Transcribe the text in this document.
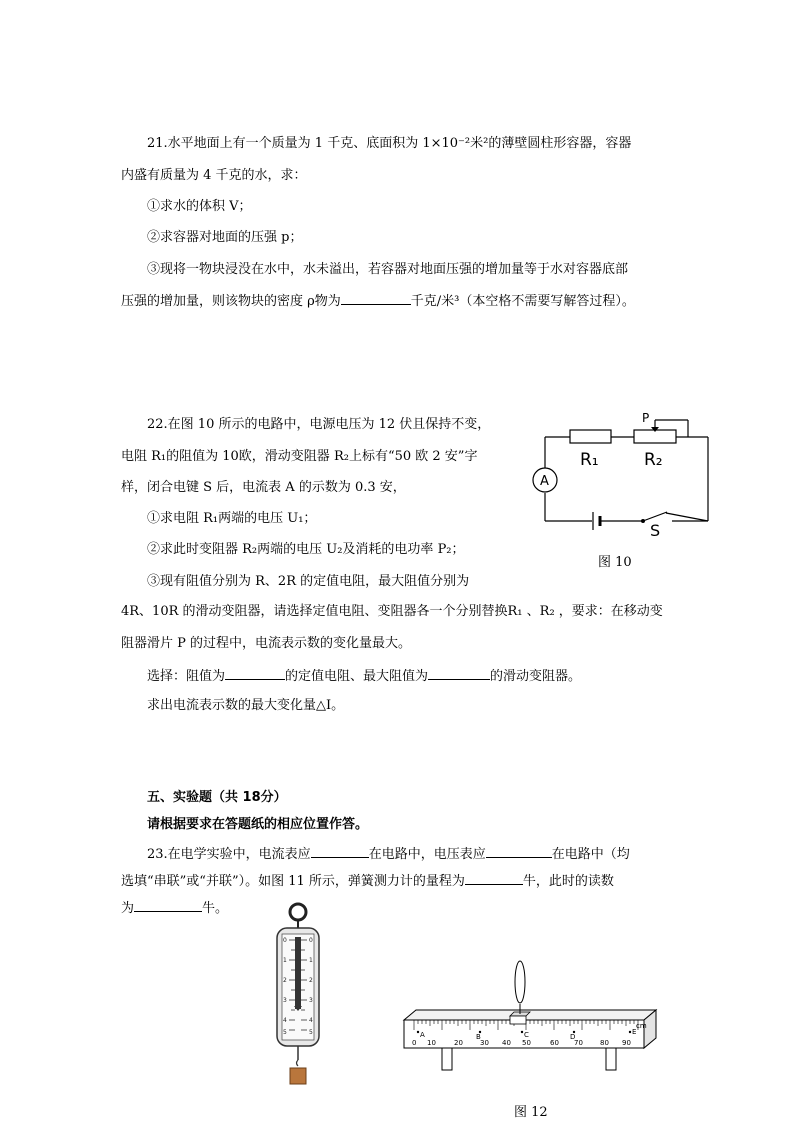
21.水平地面上有一个质量为 1 千克、底面积为 1×10⁻²米²的薄壁圆柱形容器，容器
内盛有质量为 4 千克的水，求：
①求水的体积 V；
②求容器对地面的压强 p；
③现将一物块浸没在水中，水未溢出，若容器对地面压强的增加量等于水对容器底部
压强的增加量，则该物块的密度 ρ物为	千克/米³（本空格不需要写解答过程）。
22.在图 10 所示的电路中，电源电压为 12 伏且保持不变，
电阻 R₁的阻值为 10欧，滑动变阻器 R₂上标有“50 欧 2 安”字
样，闭合电键 S 后，电流表 A 的示数为 0.3 安，
①求电阻 R₁两端的电压 U₁；
②求此时变阻器 R₂两端的电压 U₂及消耗的电功率 P₂；
③现有阻值分别为 R、2R 的定值电阻，最大阻值分别为
4R、10R 的滑动变阻器，请选择定值电阻、变阻器各一个分别替换R₁ 、R₂ ，要求：在移动变
阻器滑片 P 的过程中，电流表示数的变化量最大。
选择：阻值为	的定值电阻、最大阻值为	的滑动变阻器。
求出电流表示数的最大变化量△I。
P
R₁	R₂
A
S
图 10
五、实验题（共 18分）
请根据要求在答题纸的相应位置作答。
23.在电学实验中，电流表应	在电路中，电压表应	在电路中（均
选填“串联”或“并联”）。如图 11 所示，弹簧测力计的量程为	牛，此时的读数
为	牛。
0
1
2
3
4
5
0
1
2
3
4
5	A	B	C	D
E
0 10	20 30 40 50	60 70 80 90
cm
图 12
